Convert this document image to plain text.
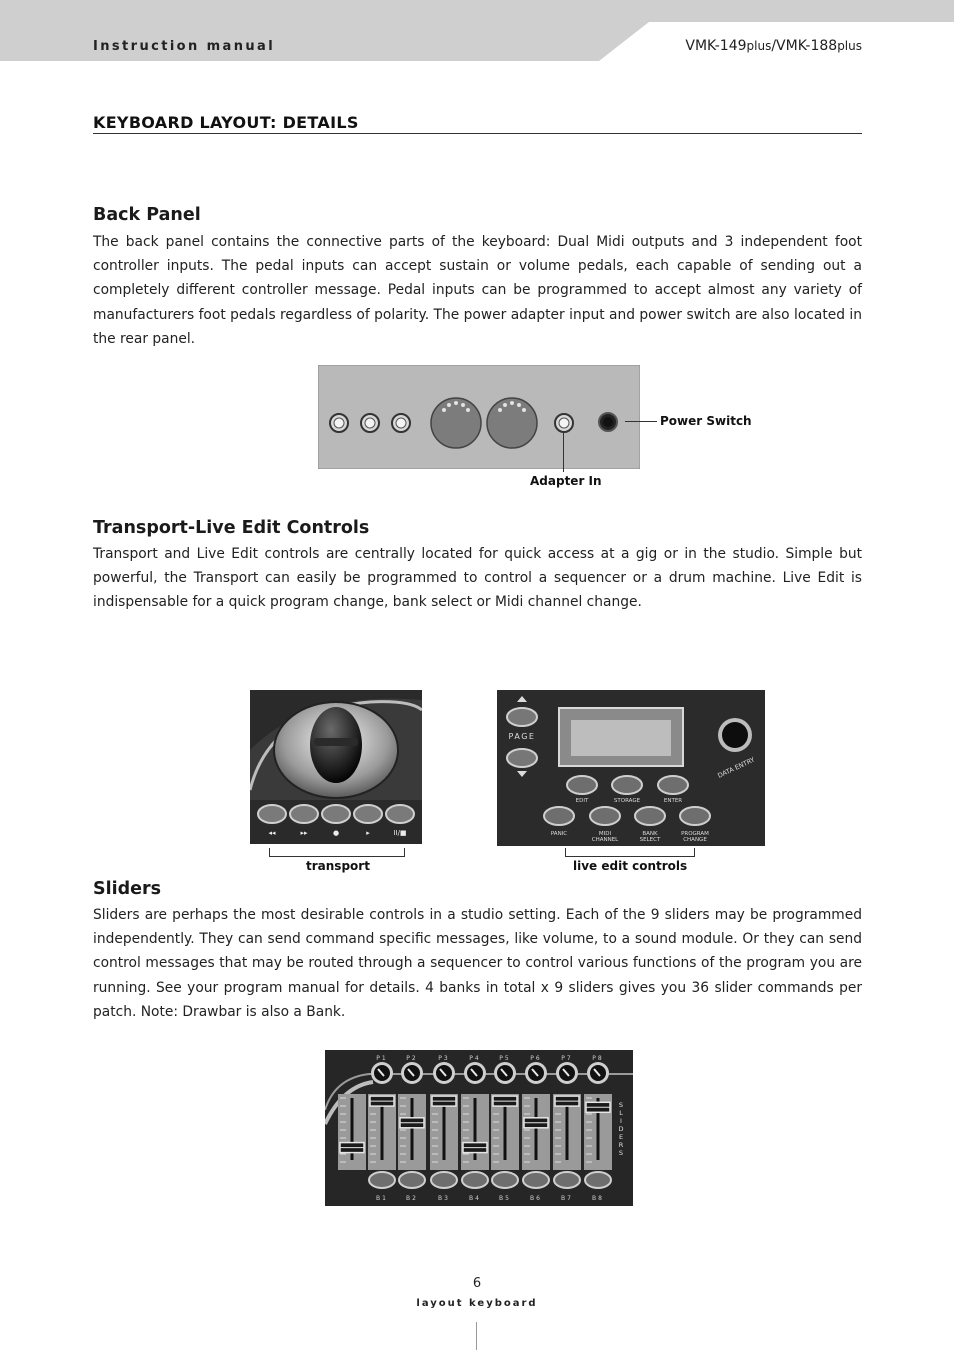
Instruction manual	VMK-149plus/VMK-188plus
KEYBOARD LAYOUT: DETAILS
Back Panel

The back panel contains the connective parts of the keyboard: Dual Midi outputs and 3 independent foot controller inputs. The pedal inputs can accept sustain or volume pedals, each capable of sending out a completely different controller message. Pedal inputs can be programmed to accept almost any variety of manufacturers foot pedals regardless of polarity. The power adapter input and power switch are also located in the rear panel.

Power Switch
Adapter In
Transport-Live Edit Controls

Transport and Live Edit controls are centrally located for quick access at a gig or in the studio. Simple but powerful, the Transport can easily be programmed to control a sequencer or a drum machine. Live Edit is indispensable for a quick program change, bank select or Midi channel change.

◂◂	▸▸	●	▸	II/■
transport
PAGE
DATA ENTRY
EDIT	STORAGE	ENTER
PANIC	MIDI
CHANNEL
BANK
SELECT
PROGRAM
CHANGE
live edit controls
Sliders

Sliders are perhaps the most desirable controls in a studio setting. Each of the 9 sliders may be programmed independently. They can send command specific messages, like volume, to a sound module. Or they can send control messages that may be routed through a sequencer to control various functions of the program you are running. See your program manual for details. 4 banks in total x 9 sliders gives you 36 slider commands per patch. Note: Drawbar is also a Bank.

P1	P2	P3	P4	P5	P6	P7	P8
S
L
I
D
E
R
S
B1	B2	B3	B4	B5	B6	B7	B8
6
layout keyboard
